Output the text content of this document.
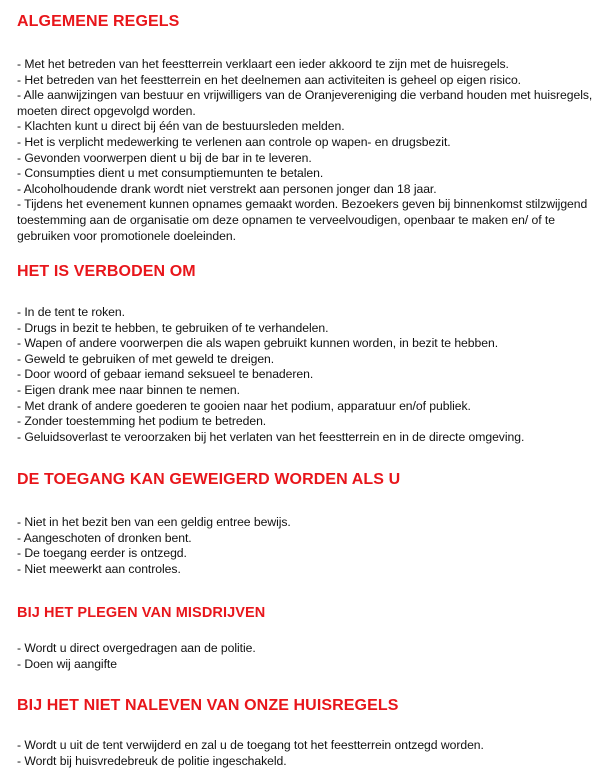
ALGEMENE REGELS
- Met het betreden van het feestterrein verklaart een ieder akkoord te zijn met de huisregels.
- Het betreden van het feestterrein en het deelnemen aan activiteiten is geheel op eigen risico.
- Alle aanwijzingen van bestuur en vrijwilligers van de Oranjevereniging die verband houden met huisregels, moeten direct opgevolgd worden.
- Klachten kunt u direct bij één van de bestuursleden melden.
- Het is verplicht medewerking te verlenen aan controle op wapen- en drugsbezit.
- Gevonden voorwerpen dient u bij de bar in te leveren.
- Consumpties dient u met consumptiemunten te betalen.
- Alcoholhoudende drank wordt niet verstrekt aan personen jonger dan 18 jaar.
- Tijdens het evenement kunnen opnames gemaakt worden. Bezoekers geven bij binnenkomst stilzwijgend toestemming aan de organisatie om deze opnamen te verveelvoudigen, openbaar te maken en/ of te gebruiken voor promotionele doeleinden.
HET IS VERBODEN OM
- In de tent te roken.
- Drugs in bezit te hebben, te gebruiken of te verhandelen.
- Wapen of andere voorwerpen die als wapen gebruikt kunnen worden, in bezit te hebben.
- Geweld te gebruiken of met geweld te dreigen.
- Door woord of gebaar iemand seksueel te benaderen.
- Eigen drank mee naar binnen te nemen.
- Met drank of andere goederen te gooien naar het podium, apparatuur en/of publiek.
- Zonder toestemming het podium te betreden.
- Geluidsoverlast te veroorzaken bij het verlaten van het feestterrein en in de directe omgeving.
DE TOEGANG KAN GEWEIGERD WORDEN ALS U
- Niet in het bezit ben van een geldig entree bewijs.
- Aangeschoten of dronken bent.
- De toegang eerder is ontzegd.
- Niet meewerkt aan controles.
BIJ HET PLEGEN VAN MISDRIJVEN
- Wordt u direct overgedragen aan de politie.
- Doen wij aangifte
BIJ HET NIET NALEVEN VAN ONZE HUISREGELS
- Wordt u uit de tent verwijderd en zal u de toegang tot het feestterrein ontzegd worden.
- Wordt bij huisvredebreuk de politie ingeschakeld.
